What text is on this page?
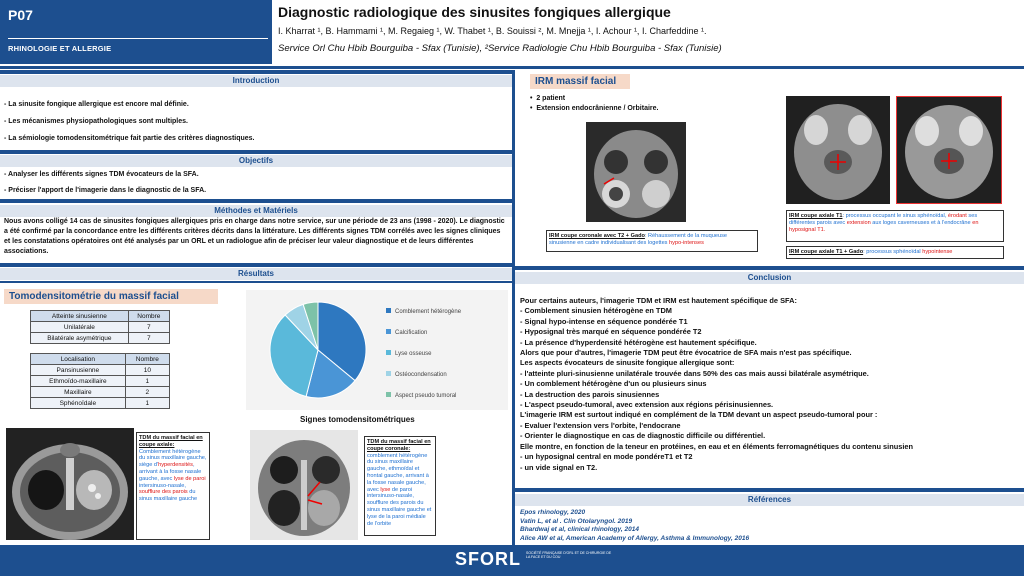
P07
RHINOLOGIE ET ALLERGIE
Diagnostic radiologique des sinusites fongiques allergique
I. Kharrat ¹, B. Hammami ¹, M. Regaieg ¹, W. Thabet ¹, B. Souissi ², M. Mnejja ¹, I. Achour ¹, I. Charfeddine ¹.
Service Orl Chu Hbib Bourguiba - Sfax (Tunisie), ²Service Radiologie Chu Hbib Bourguiba - Sfax (Tunisie)
Introduction
- La sinusite fongique allergique est encore mal définie.
- Les mécanismes physiopathologiques sont multiples.
- La sémiologie tomodensitométrique fait partie des critères diagnostiques.
Objectifs
- Analyser les différents signes TDM évocateurs de la SFA.
- Préciser l'apport de l'imagerie dans le diagnostic de la SFA.
Méthodes et Matériels
Nous avons colligé 14 cas de sinusites fongiques allergiques pris en charge dans notre service, sur une période de 23 ans (1998 - 2020). Le diagnostic a été confirmé par la concordance entre les différents critères décrits dans la littérature. Les différents signes TDM corrélés avec les signes cliniques et les constatations opératoires ont été analysés par un ORL et un radiologue afin de préciser leur valeur diagnostique et de leurs différentes associations.
Résultats
Tomodensitométrie du massif facial
Atteinte sinusienne	Nombre
Unilatérale	7
Bilatérale asymétrique	7
Localisation	Nombre
Pansinusienne	10
Ethmoïdo-maxillaire	1
Maxillaire	2
Sphénoïdale	1
Comblement hétérogène
Calcification
Lyse osseuse
Ostéocondensation
Aspect pseudo tumoral
Signes tomodensitométriques
TDM du massif facial en coupe axiale:
Comblement hétérogène du sinus maxillaire gauche, siège d'hyperdensités, arrivant à la fosse nasale gauche, avec lyse de paroi intersinuso-nasale, soufflure des parois du sinus maxillaire gauche
TDM du massif facial en coupe coronale:
comblement hétérogène du sinus maxillaire gauche, ethmoïdal et frontal gauche, arrivant à la fosse nasale gauche, avec lyse de paroi intersinuso-nasale, soufflure des parois du sinus maxillaire gauche et lyse de la paroi médiale de l'orbite
IRM massif facial
•  2 patient
•  Extension endocrânienne / Orbitaire.
IRM coupe coronale avec T2 + Gado: Réhaussement de la muqueuse sinusienne en cadre individualisant des logettes hypo-intenses
IRM coupe axiale T1: processus occupant le sinus sphénoïdal, érodant ses différentes parois avec extension aux loges caverneuses et à l'endocrâne en hyposignal T1.
IRM coupe axiale T1 + Gado: processus sphénoïdal hypointense
Conclusion
Pour certains auteurs, l'imagerie TDM et IRM est hautement spécifique de SFA:
- Comblement sinusien hétérogène en TDM
- Signal hypo-intense en séquence pondérée T1
- Hyposignal très marqué en séquence pondérée T2
- La présence d'hyperdensité hétérogène est hautement spécifique.
Alors que pour d'autres, l'imagerie TDM peut être évocatrice de SFA mais n'est pas spécifique.
Les aspects évocateurs de sinusite fongique allergique sont:
- l'atteinte pluri-sinusienne unilatérale trouvée dans 50% des cas mais aussi bilatérale asymétrique.
- Un comblement hétérogène d'un ou plusieurs sinus
- La destruction des parois sinusiennes
- L'aspect pseudo-tumoral, avec extension aux régions périsinusiennes.
L'imagerie IRM est surtout indiqué en complément de la TDM devant un aspect pseudo-tumoral pour :
- Evaluer l'extension vers l'orbite, l'endocrane
- Orienter le diagnostique en cas de diagnostic difficile ou différentiel.
Elle montre, en fonction de la teneur en protéines, en eau et en éléments ferromagnétiques du contenu sinusien
- un hyposignal central en mode pondéreT1 et T2
- un vide signal en T2.
Références
Epos rhinology, 2020
Vatin L, et al . Clin Otolaryngol. 2019
Bhardwaj et al, clinical rhinology, 2014
Alice AW et al, American Academy of Allergy, Asthma & Immunology, 2016
SFORL SOCIÉTÉ FRANÇAISE D'ORL ET DE CHIRURGIE DE LA FACE ET DU COU
